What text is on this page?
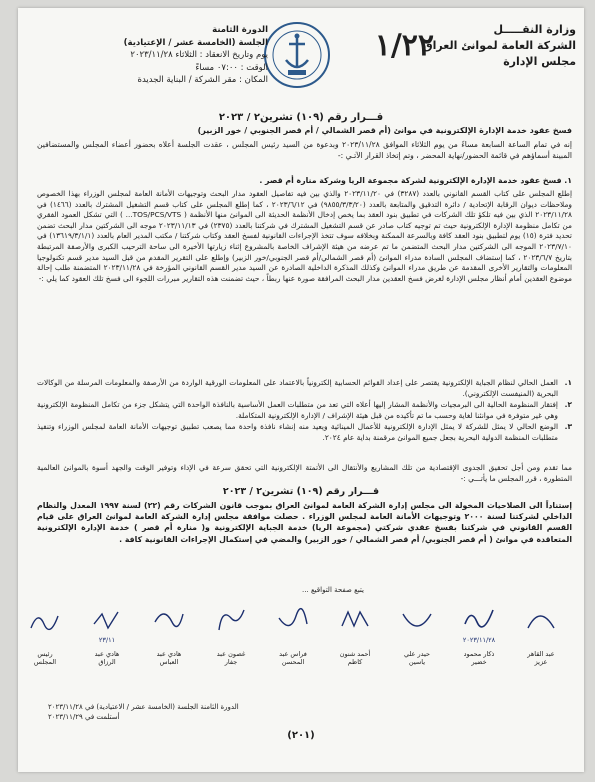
وزارة النقـــــل
الشركة العامة لموانئ العراق
مجلس الإدارة
١/٢٢
الدورة الثامنة
الجلسة (الخامسة عشر / الإعتيادية)
يوم وتاريخ الانعقاد : الثلاثاء ٢٠٢٣/١١/٢٨
الوقت : ٠٧:٠٠ مساءً
المكان : مقر الشركة / البناية الجديدة
قـــرار رقم (١٠٩) تشرين٢ / ٢٠٢٣
فسخ عقود خدمة الإدارة الإلكترونية في موانئ (أم قصر الشمالي / أم قصر الجنوبي / خور الزبير)
إنه في تمام الساعة السابعة مساءً من يوم الثلاثاء الموافق ٢٠٢٣/١١/٢٨ وبدعوة من السيد رئيس المجلس ، عقدت الجلسة أعلاه بحضور أعضاء المجلس والمستضافين المبينة أسماؤهم في قائمة الحضور/نهاية المحضر ، وتم إتخاذ القرار الآتـي :-
١. فسخ عقود خدمة الإدارة الإلكترونية لشركة مجموعة الريا وشركة منارة أم قصر .
إطلع المجلس على كتاب القسم القانوني بالعدد (٣٢٨٧) في ٢٠٢٣/١١/٢٠ والذي بين فيه تفاصيل العقود مدار البحث وتوجيهات الأمانة العامة لمجلس الوزراء بهذا الخصوص وملاحظات ديوان الرقابة الإتحادية / دائرة التدقيق والمتابعة بالعدد (٩٨٥٥/٣/٣/٢٠) في ٢٠٢٣/٦/١٢ ، كما إطلع المجلس على كتاب قسم التشغيل المشترك بالعدد (١٤٦٦) في ٢٠٢٣/١١/٢٨ الذي بين فيه تلكؤ تلك الشركات في تطبيق بنود العقد بما يخص إدخال الأنظمة الحديثة الى الموانئ منها الأنظمة ( TOS/PCS/VTS... ) التي تشكل العمود الفقري من تكامل منظومة الإدارة الإلكترونية حيث تم توجيه كتاب صادر عن قسم التشغيل المشترك في شركتنا بالعدد (٢٣٧٥) في ٢٠٢٣/١١/١٣ موجه الى الشركتين مدار البحث تضمن تحديد فترة (١٥) يوم لتطبيق بنود العقد كافة وبالسرعة الممكنة وبخلافه سوف تتخذ الإجراءات القانونية لفسخ العقد وكتاب شركتنا / مكتب المدير العام بالعدد (١٣٦١٩/٣/١/١) في ٢٠٢٣/٧/١٠ الموجه الى الشركتين مدار البحث المتضمن ما تم عرضه من هيئة الإشراف الخاصة بالمشروع إثناء زيارتها الأخيرة الى ساحة الترحيب الكبرى والأرصفة المرتبطة بتاريخ ٢٠٢٣/٦/٧ ، كما إستضاف المجلس السادة مدراء الموانئ (أم قصر الشمالي/أم قصر الجنوبي/خور الزبير) وإطلع على التقرير المقدم من قبل السيد مدير قسم تكنولوجيا المعلومات والتقارير الأخرى المقدمة عن طريق مدراء الموانئ وكذلك المذكرة الداخلية الصادرة عن السيد مدير القسم القانوني المؤرخة في ٢٠٢٣/١١/٢٨ المتضمنة طلب إحالة موضوع العقدين أمام أنظار مجلس الإدارة لغرض فسخ العقدين مدار البحث المرافقة صورة عنها ربطاً ، حيث تضمنت هذه التقارير مبررات اللجوء الى فسخ تلك العقود كما يلي :-
١.
العمل الحالي لنظام الجباية الإلكترونية يقتصر على إعداد القوائم الحسابية إلكترونياً بالاعتماد على المعلومات الورقية الواردة من الأرصفة والمعلومات المرسلة من الوكالات البحرية (المنيفست الإلكتروني).
٢.
إفتقار المنظومة الحالية الى البرمجيات والأنظمة المشار إليها أعلاه التي تعد من متطلبات العمل الأساسية بالنافذة الواحدة التي يتشكل جزء من تكامل المنظومة الإلكترونية وهي غير متوفرة في موانئنا لغاية وحسب ما تم تأكيده من قبل هيئة الإشراف / الإدارة الإلكترونية المتكاملة.
٣.
الوضع الحالي لا يمثل للشركة لا يمثل الإدارة الإلكترونية للأعمال المينائية ويعيد منه إنشاء نافذة واحدة مما يصعب تطبيق توجيهات الأمانة العامة لمجلس الوزراء وتنفيذ متطلبات المنظمة الدولية البحرية بجعل جميع الموانئ مرقمنة بداية عام ٢٠٢٤.
مما تقدم ومن أجل تحقيق الجدوى الإقتصادية من تلك المشاريع والأنتقال الى الأتمتة الإلكترونية التي تحقق سرعة في الإداء وتوفير الوقت والجهد أسوة بالموانئ العالمية المتطورة ، قرر المجلس ما يأتـــي :-
قـــرار رقم (١٠٩) تشرين٢ / ٢٠٢٣
إستناداً الى الصلاحيات المخولة الى مجلس إدارة الشركة العامة لموانئ العراق بموجب قانون الشركات رقم (٢٢) لسنة ١٩٩٧ المعدل والنظام الداخلي لشركتنا لسنة ٢٠٠٠ وتوجيهات الأمانة العامة لمجلس الوزراء . حصلت موافقة مجلس إدارة الشركة العامة لموانئ العراق على قيام القسم القانوني في شركتنا بفسخ عقدي شركتي (مجموعة الريا) خدمة الجباية الإلكترونية و( منارة أم قصر ) خدمة الإدارة الإلكترونية المتعاقدة في موانئ ( أم قصر الجنوبي/ أم قصر الشمالي / خور الزبير) والمضي في إستكمال الإجراءات القانونية كافة .
يتبع صفحة التواقيع ...
رئيس المجلس
٢٣/١١
هادي عبد الرزاق
هادي عبد العباس
غصون عبد جفار
فراس عبد المحسن
أحمد شنون كاظم
حيدر علي ياسين
٢٠٢٣/١١/٢٨
ذكار محمود خضير
عبد القاهر عزيز
الدورة الثامنة الجلسة (الخامسة عشر / الاعتيادية) في ٢٠٢٣/١١/٢٨
أستلمت في ٢٠٢٣/١١/٢٩
(٢٠١)
